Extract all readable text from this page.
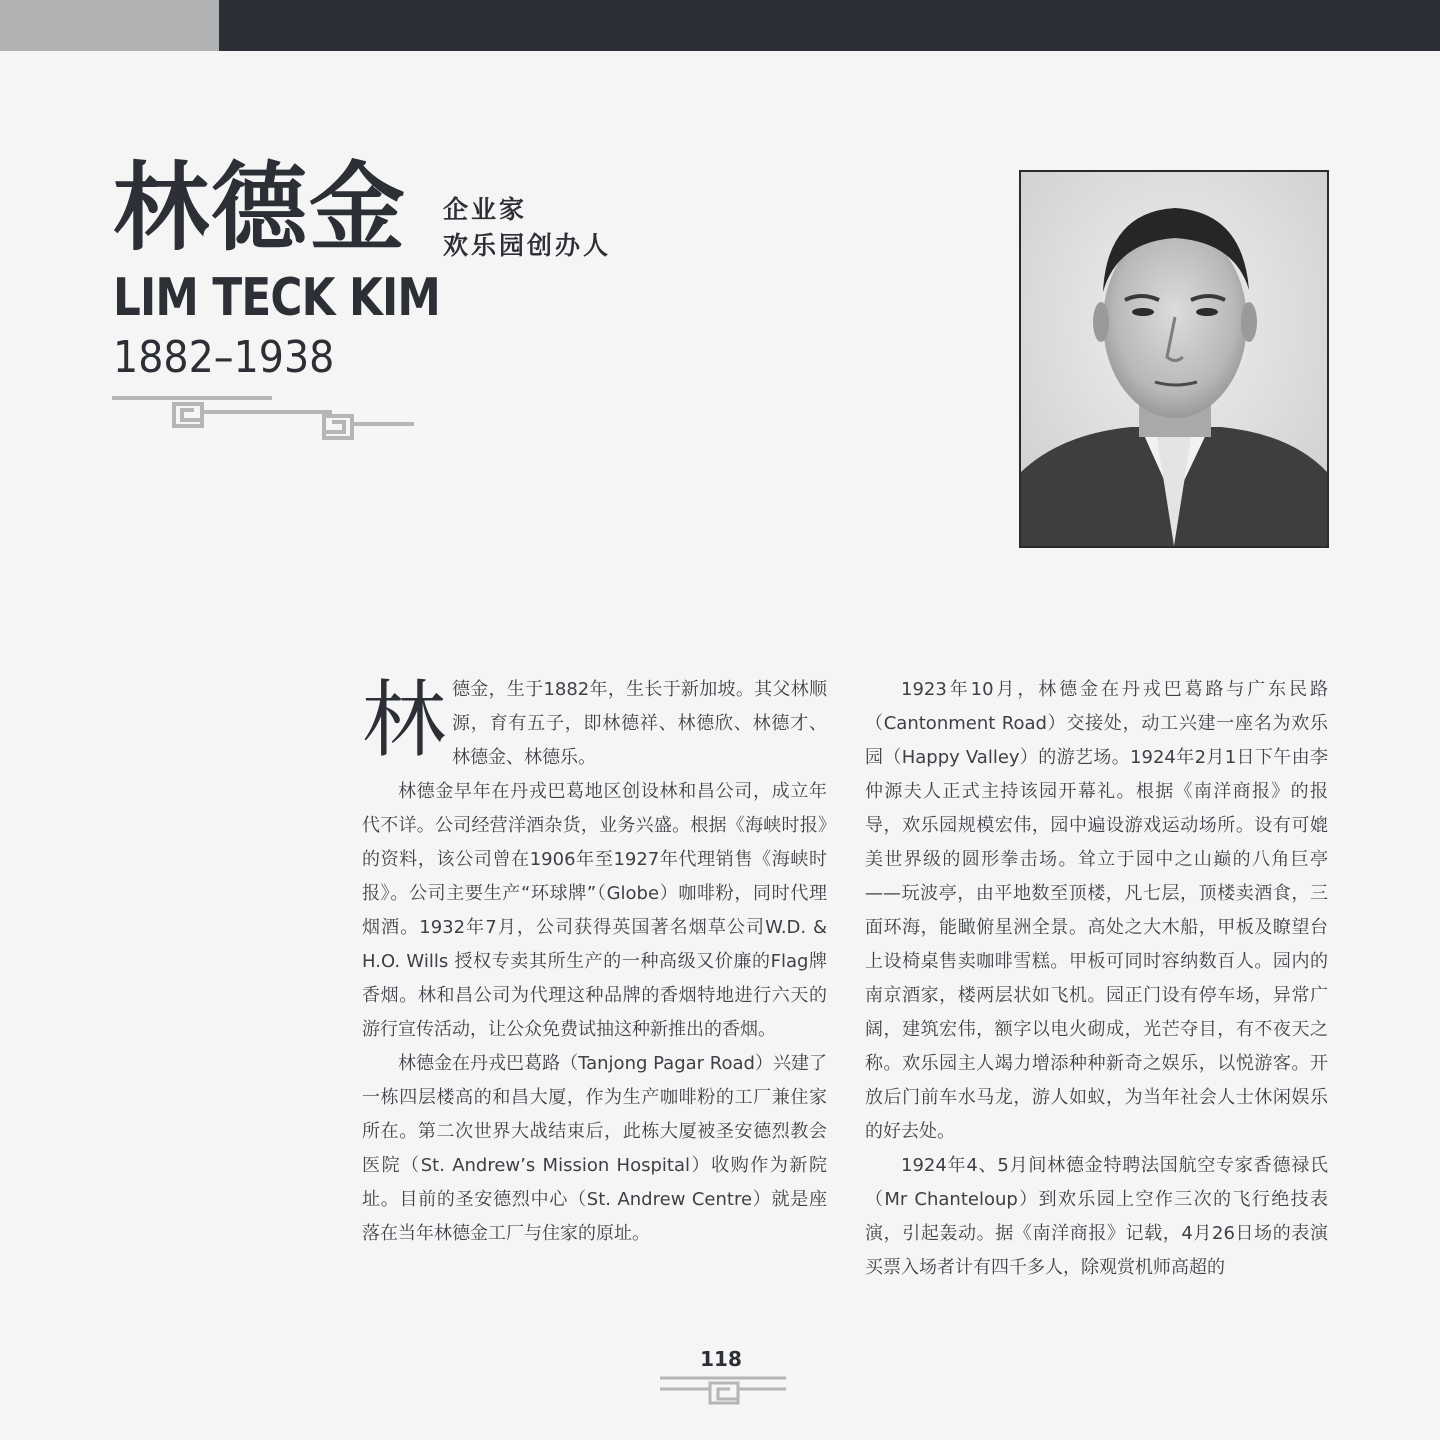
林德金 企业家
欢乐园创办人
LIM TECK KIM
1882–1938
林 德金，生于1882年，生长于新加坡。其父林顺源，育有五子，即林德祥、林德欣、林德才、林德金、林德乐。

林德金早年在丹戎巴葛地区创设林和昌公司，成立年代不详。公司经营洋酒杂货，业务兴盛。根据《海峡时报》的资料，该公司曾在1906年至1927年代理销售《海峡时报》。公司主要生产“环球牌”（Globe）咖啡粉，同时代理烟酒。1932年7月，公司获得英国著名烟草公司W.D. & H.O. Wills 授权专卖其所生产的一种高级又价廉的Flag牌香烟。林和昌公司为代理这种品牌的香烟特地进行六天的游行宣传活动，让公众免费试抽这种新推出的香烟。

林德金在丹戎巴葛路（Tanjong Pagar Road）兴建了一栋四层楼高的和昌大厦，作为生产咖啡粉的工厂兼住家所在。第二次世界大战结束后，此栋大厦被圣安德烈教会医院（St. Andrew’s Mission Hospital）收购作为新院址。目前的圣安德烈中心（St. Andrew Centre）就是座落在当年林德金工厂与住家的原址。

1923年10月，林德金在丹戎巴葛路与广东民路（Cantonment Road）交接处，动工兴建一座名为欢乐园（Happy Valley）的游艺场。1924年2月1日下午由李仲源夫人正式主持该园开幕礼。根据《南洋商报》的报导，欢乐园规模宏伟，园中遍设游戏运动场所。设有可媲美世界级的圆形拳击场。耸立于园中之山巅的八角巨亭——玩波亭，由平地数至顶楼，凡七层，顶楼卖酒食，三面环海，能瞰俯星洲全景。高处之大木船，甲板及瞭望台上设椅桌售卖咖啡雪糕。甲板可同时容纳数百人。园内的南京酒家，楼两层状如飞机。园正门设有停车场，异常广阔，建筑宏伟，额字以电火砌成，光芒夺目，有不夜天之称。欢乐园主人竭力增添种种新奇之娱乐，以悦游客。开放后门前车水马龙，游人如蚁，为当年社会人士休闲娱乐的好去处。

1924年4、5月间林德金特聘法国航空专家香德禄氏（Mr Chanteloup）到欢乐园上空作三次的飞行绝技表演，引起轰动。据《南洋商报》记载，4月26日场的表演买票入场者计有四千多人，除观赏机师高超的

118
